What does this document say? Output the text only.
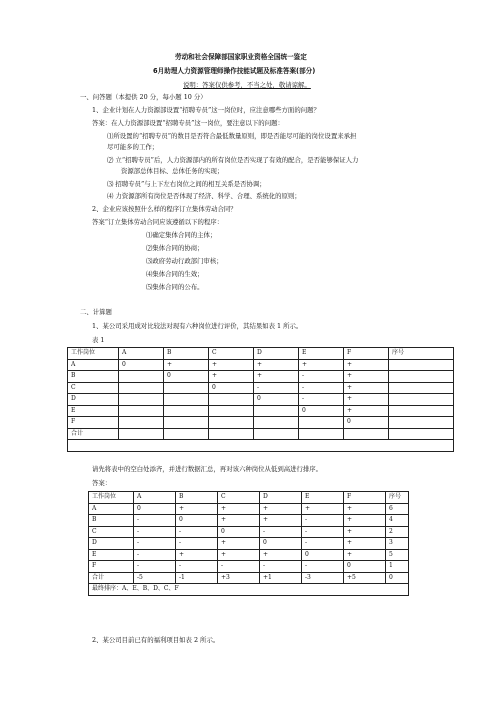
劳动和社会保障部国家职业资格全国统一鉴定
6月助理人力资源管理师操作技能试题及标准答案(部分)
说明：答案仅供参考，不当之处，敬请谅解。
一、问答题（本提供 20 分，每小题 10 分）
1、企业计划在人力资源部设置“招聘专员”这一岗位时，应注意哪些方面的问题？
答案：在人力资源部设置“招聘专员”这一岗位，要注意以下的问题：
⑴所设置的“招聘专员”的数目是否符合最低数量原则，即是否能尽可能的岗位设置来承担
尽可能多的工作；
⑵ 立“招聘专员”后，人力资源部内的所有岗位是否实现了有效的配合，是否能够保证人力
资源部总体目标、总体任务的实现；
⑶ 招聘专员”与上下左右岗位之间的相互关系是否协调；
⑷ 力资源部所有岗位是否体现了经济、科学、合理、系统化的原则；
2、企业应该按照什么样的程序订立集体劳动合同？
答案“订立集体劳动合同应该遵循以下的程序：
⑴确定集体合同的主体；
⑵集体合同的协商；
⑶政府劳动行政部门审核；
⑷集体合同的生效；
⑸集体合同的公布。
二、计算题
1、某公司采用成对比较法对现有六种岗位进行评价，其结果如表 1 所示。
表 1
工作岗位	A	B	C	D	E	F	序号
A	0	+	+	+	+	+	
B		0	+	+	-	+	
C			0	-	-	+	
D				0	-	+	
E					0	+	
F						0	
合计							

请先将表中的空白处添齐，并进行数据汇总，再对该六种岗位从低到高进行排序。
答案：
工作岗位	A	B	C	D	E	F	序号
A	0	+	+	+	+	+	6
B	-	0	+	+	-	+	4
C	-	-	0	-	-	+	2
D	-	-	+	0	-	+	3
E	-	+	+	+	0	+	5
F	-	-	-	-	-	0	1
合计	-5	-1	+3	+1	-3	+5	0
最终排序：A、E、B、D、C、F							
2、某公司目前已有的福利项目如表 2 所示。
